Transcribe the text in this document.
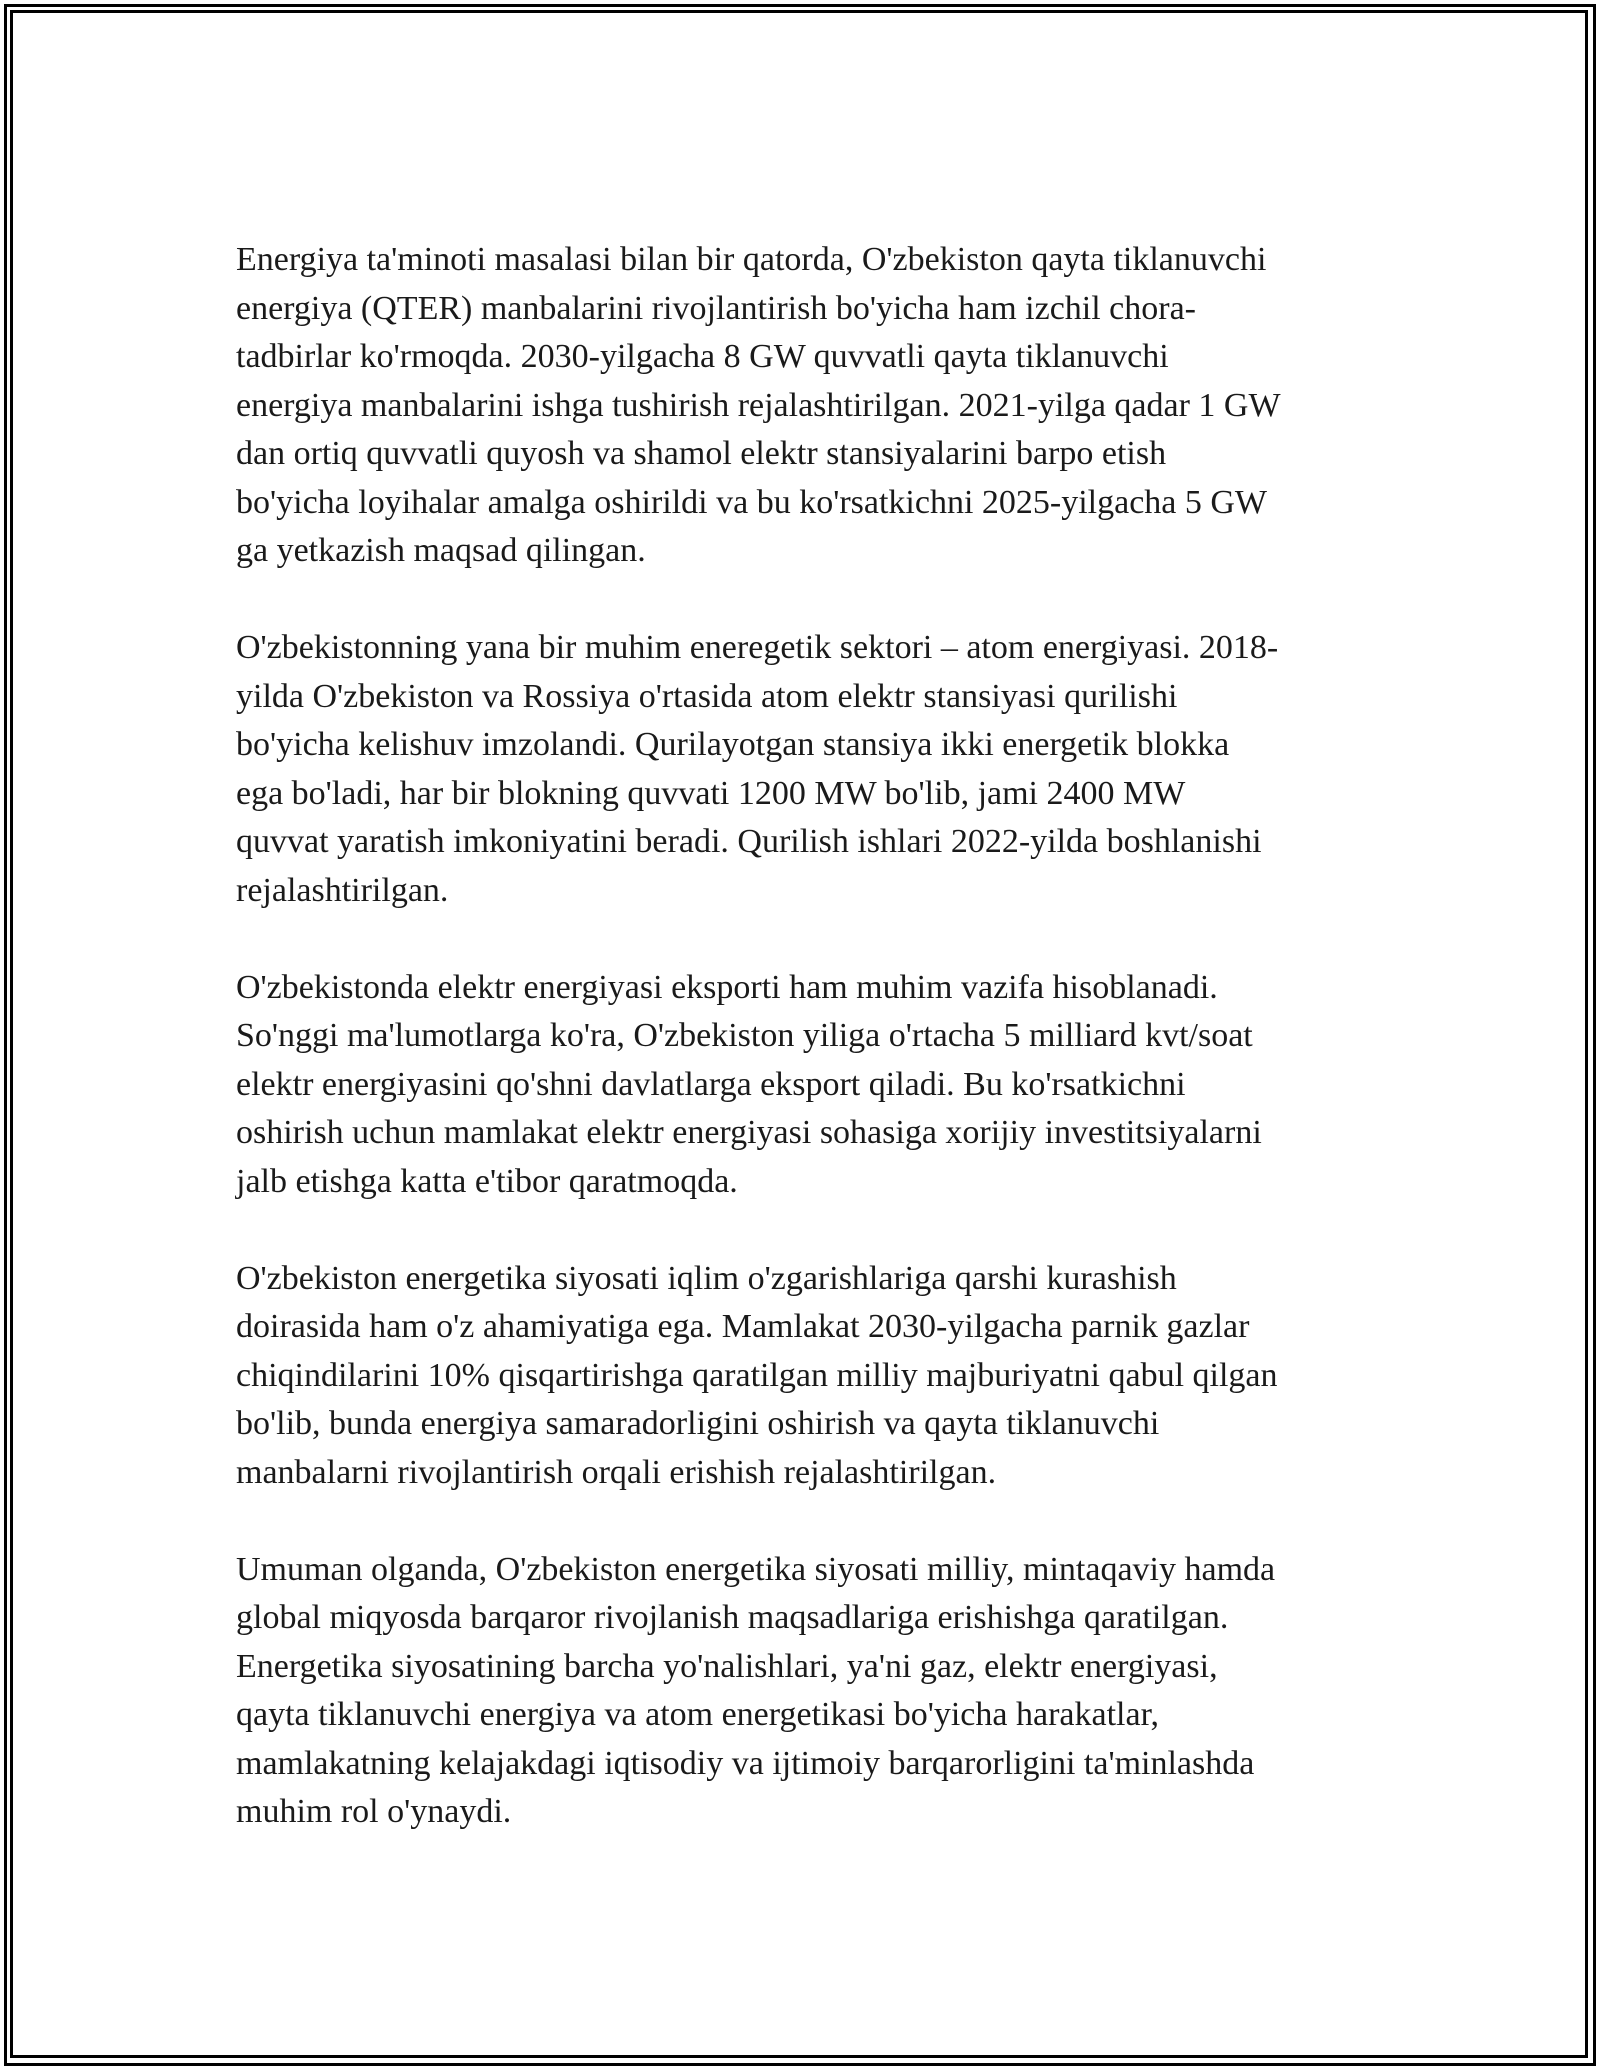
Energiya ta'minoti masalasi bilan bir qatorda, O'zbekiston qayta tiklanuvchi
energiya (QTER) manbalarini rivojlantirish bo'yicha ham izchil chora-
tadbirlar ko'rmoqda. 2030-yilgacha 8 GW quvvatli qayta tiklanuvchi
energiya manbalarini ishga tushirish rejalashtirilgan. 2021-yilga qadar 1 GW
dan ortiq quvvatli quyosh va shamol elektr stansiyalarini barpo etish
bo'yicha loyihalar amalga oshirildi va bu ko'rsatkichni 2025-yilgacha 5 GW
ga yetkazish maqsad qilingan.

O'zbekistonning yana bir muhim eneregetik sektori – atom energiyasi. 2018-
yilda O'zbekiston va Rossiya o'rtasida atom elektr stansiyasi qurilishi
bo'yicha kelishuv imzolandi. Qurilayotgan stansiya ikki energetik blokka
ega bo'ladi, har bir blokning quvvati 1200 MW bo'lib, jami 2400 MW
quvvat yaratish imkoniyatini beradi. Qurilish ishlari 2022-yilda boshlanishi
rejalashtirilgan.

O'zbekistonda elektr energiyasi eksporti ham muhim vazifa hisoblanadi.
So'nggi ma'lumotlarga ko'ra, O'zbekiston yiliga o'rtacha 5 milliard kvt/soat
elektr energiyasini qo'shni davlatlarga eksport qiladi. Bu ko'rsatkichni
oshirish uchun mamlakat elektr energiyasi sohasiga xorijiy investitsiyalarni
jalb etishga katta e'tibor qaratmoqda.

O'zbekiston energetika siyosati iqlim o'zgarishlariga qarshi kurashish
doirasida ham o'z ahamiyatiga ega. Mamlakat 2030-yilgacha parnik gazlar
chiqindilarini 10% qisqartirishga qaratilgan milliy majburiyatni qabul qilgan
bo'lib, bunda energiya samaradorligini oshirish va qayta tiklanuvchi
manbalarni rivojlantirish orqali erishish rejalashtirilgan.

Umuman olganda, O'zbekiston energetika siyosati milliy, mintaqaviy hamda
global miqyosda barqaror rivojlanish maqsadlariga erishishga qaratilgan.
Energetika siyosatining barcha yo'nalishlari, ya'ni gaz, elektr energiyasi,
qayta tiklanuvchi energiya va atom energetikasi bo'yicha harakatlar,
mamlakatning kelajakdagi iqtisodiy va ijtimoiy barqarorligini ta'minlashda
muhim rol o'ynaydi.
